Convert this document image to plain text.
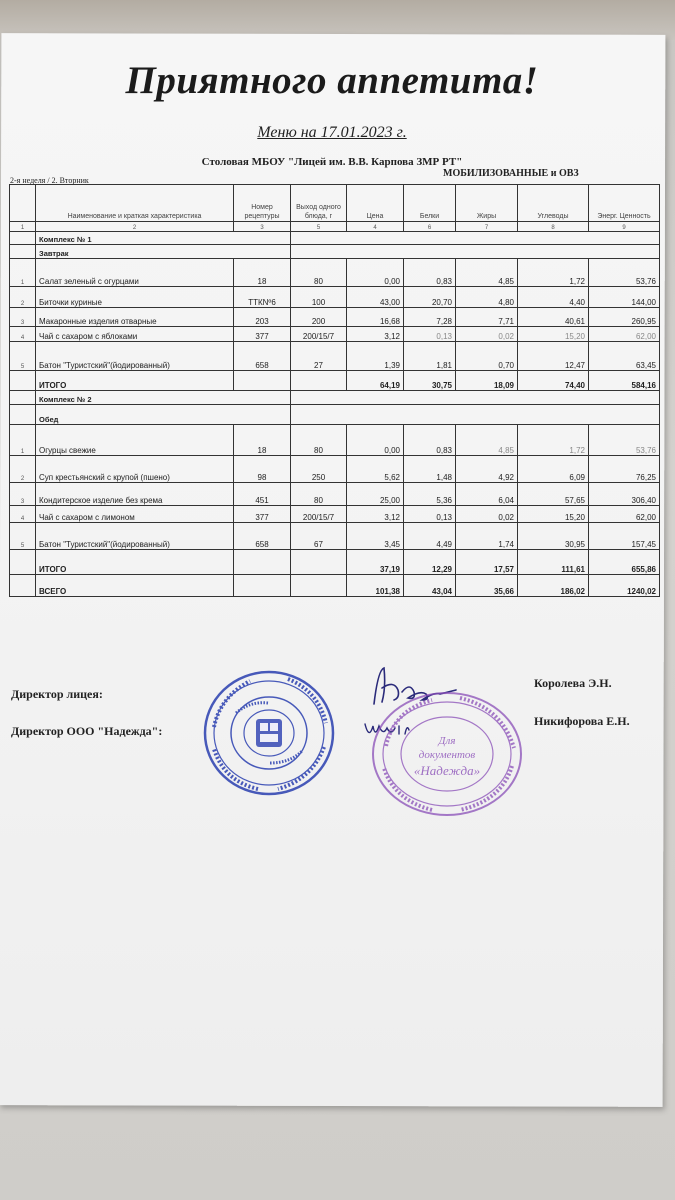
Приятного аппетита!
Меню на 17.01.2023 г.
Столовая МБОУ "Лицей им. В.В. Карпова ЗМР РТ"
2-я неделя / 2. Вторник
МОБИЛИЗОВАННЫЕ и ОВЗ
	Наименование и краткая характеристика	Номер рецептуры	Выход одного блюда, г	Цена	Белки	Жиры	Углеводы	Энерг. Ценность
1	2	3	5	4	6	7	8	9
	Комплекс № 1							
	Завтрак							
1	Салат зеленый с огурцами	18	80	0,00	0,83	4,85	1,72	53,76
2	Биточки куриные	ТТКNº6	100	43,00	20,70	4,80	4,40	144,00
3	Макаронные изделия отварные	203	200	16,68	7,28	7,71	40,61	260,95
4	Чай с сахаром с яблоками	377	200/15/7	3,12	0,13	0,02	15,20	62,00
5	Батон "Туристский"(йодированный)	658	27	1,39	1,81	0,70	12,47	63,45
	ИТОГО			64,19	30,75	18,09	74,40	584,16
	Комплекс № 2							
	Обед							
1	Огурцы свежие	18	80	0,00	0,83	4,85	1,72	53,76
2	Суп крестьянский с крупой (пшено)	98	250	5,62	1,48	4,92	6,09	76,25
3	Кондитерское изделие без крема	451	80	25,00	5,36	6,04	57,65	306,40
4	Чай с сахаром с лимоном	377	200/15/7	3,12	0,13	0,02	15,20	62,00
5	Батон "Туристский"(йодированный)	658	67	3,45	4,49	1,74	30,95	157,45
	ИТОГО			37,19	12,29	17,57	111,61	655,86
	ВСЕГО			101,38	43,04	35,66	186,02	1240,02
Директор лицея:
Королева Э.Н.
Директор ООО "Надежда":
Никифорова Е.Н.
Для
документов
«Надежда»
